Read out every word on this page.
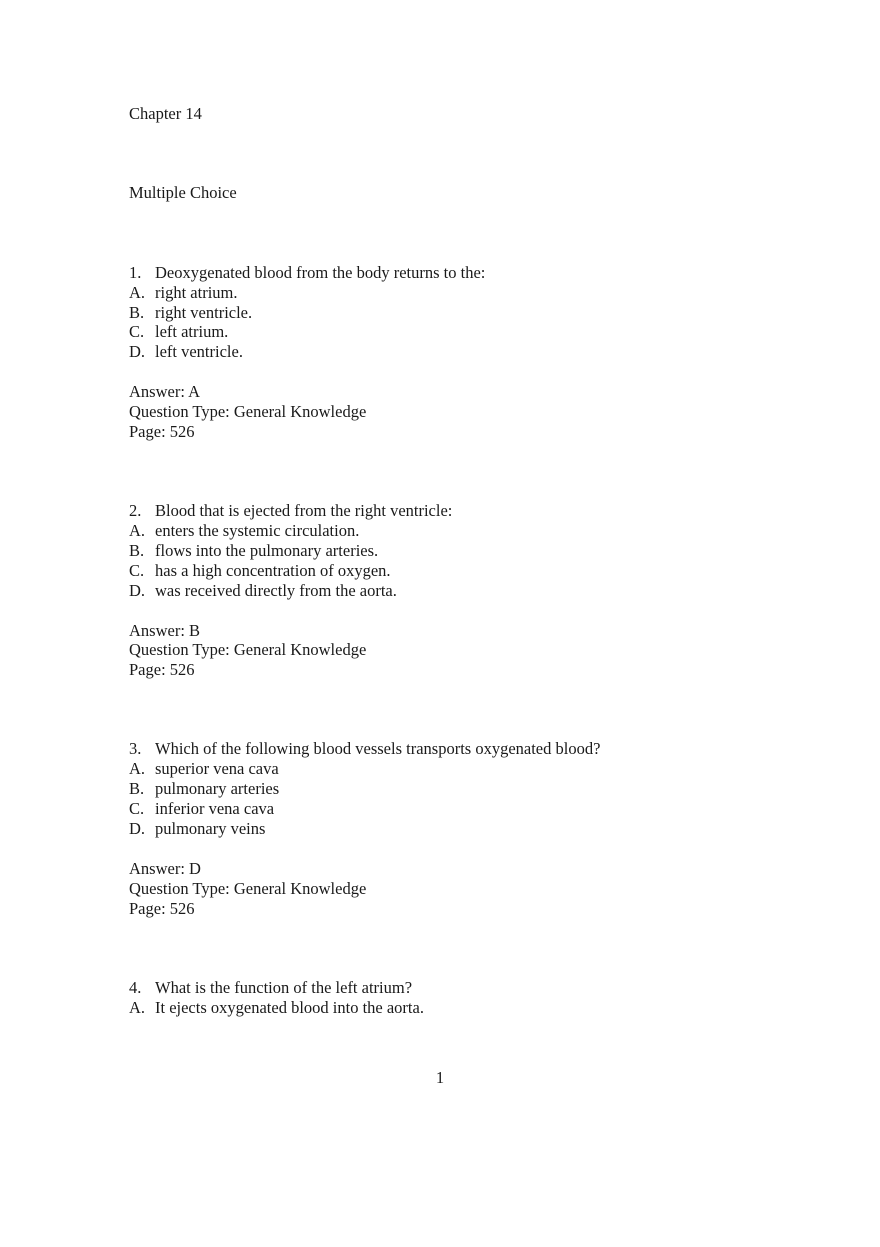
Chapter 14
Multiple Choice
1. Deoxygenated blood from the body returns to the:
A. right atrium.
B. right ventricle.
C. left atrium.
D. left ventricle.
Answer: A
Question Type: General Knowledge
Page: 526
2. Blood that is ejected from the right ventricle:
A. enters the systemic circulation.
B. flows into the pulmonary arteries.
C. has a high concentration of oxygen.
D. was received directly from the aorta.
Answer: B
Question Type: General Knowledge
Page: 526
3. Which of the following blood vessels transports oxygenated blood?
A. superior vena cava
B. pulmonary arteries
C. inferior vena cava
D. pulmonary veins
Answer: D
Question Type: General Knowledge
Page: 526
4. What is the function of the left atrium?
A. It ejects oxygenated blood into the aorta.
1
